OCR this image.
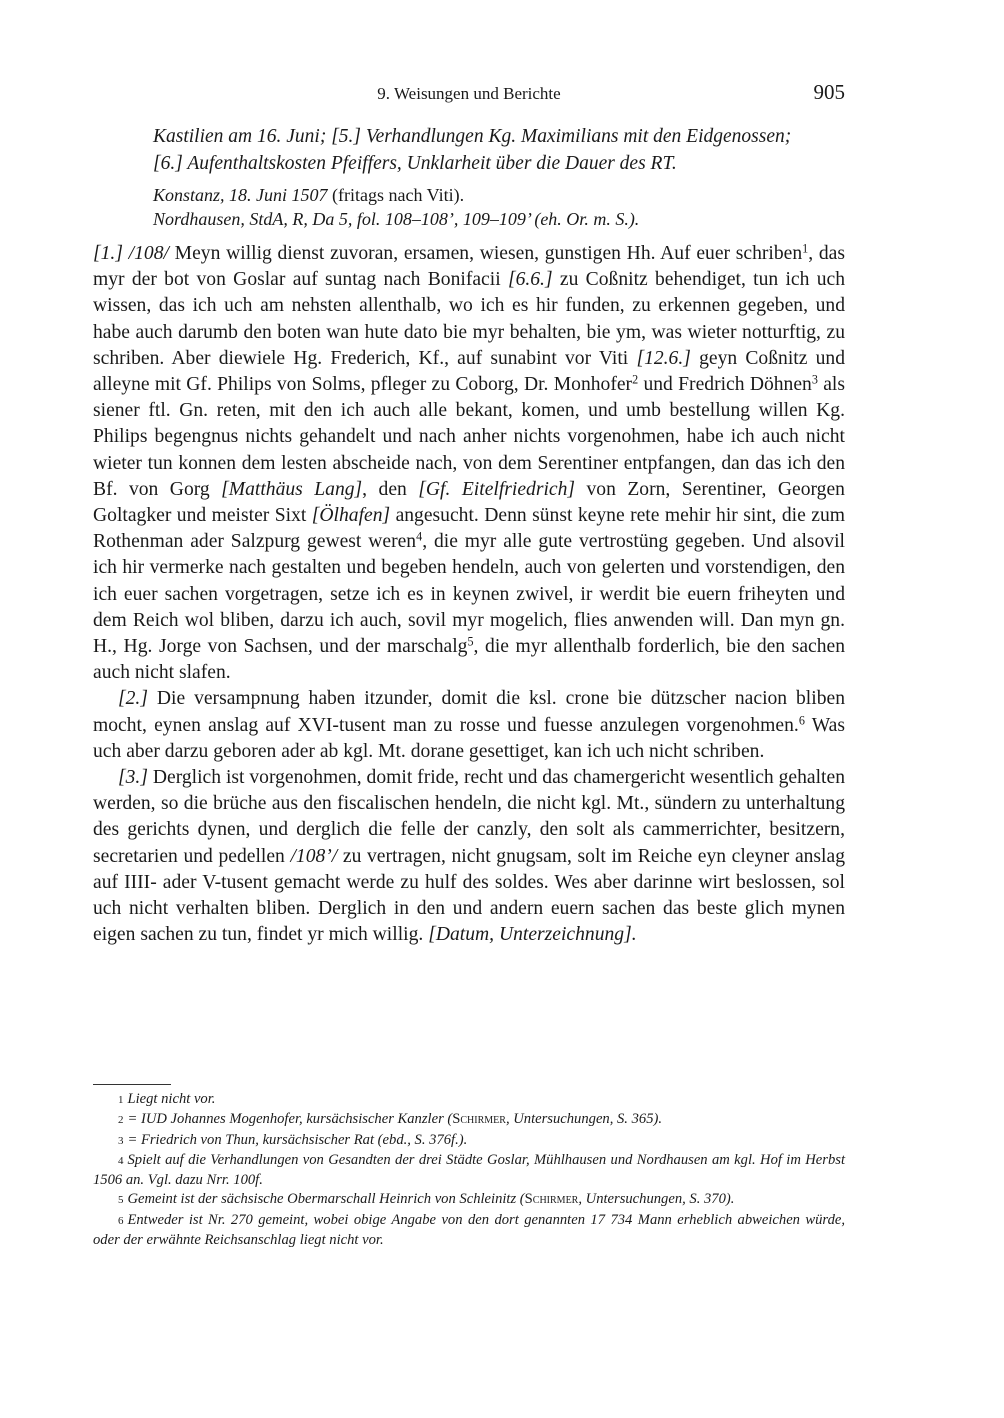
9. Weisungen und Berichte	905
Kastilien am 16. Juni; [5.] Verhandlungen Kg. Maximilians mit den Eidgenossen;
[6.] Aufenthaltskosten Pfeiffers, Unklarheit über die Dauer des RT.
Konstanz, 18. Juni 1507 (fritags nach Viti).
Nordhausen, StdA, R, Da 5, fol. 108–108’, 109–109’ (eh. Or. m. S.).

[1.] /108/ Meyn willig dienst zuvoran, ersamen, wiesen, gunstigen Hh. Auf euer schriben$^1$, das myr der bot von Goslar auf suntag nach Bonifacii [6.6.] zu Coßnitz behendiget, tun ich uch wissen, das ich uch am nehsten allenthalb, wo ich es hir funden, zu erkennen gegeben, und habe auch darumb den boten wan hute dato bie myr behalten, bie ym, was wieter notturftig, zu schriben. Aber diewiele Hg. Frederich, Kf., auf sunabint vor Viti [12.6.] geyn Coßnitz und alleyne mit Gf. Philips von Solms, pfleger zu Coborg, Dr. Monhofer$^2$ und Fredrich Döhnen$^3$ als siener ftl. Gn. reten, mit den ich auch alle bekant, komen, und umb bestellung willen Kg. Philips begengnus nichts gehandelt und nach anher nichts vorgenohmen, habe ich auch nicht wieter tun konnen dem lesten abscheide nach, von dem Serentiner entpfangen, dan das ich den Bf. von Gorg [Matthäus Lang], den [Gf. Eitelfriedrich] von Zorn, Serentiner, Georgen Goltagker und meister Sixt [Ölhafen] angesucht. Denn sünst keyne rete mehir hir sint, die zum Rothenman ader Salzpurg gewest weren$^4$, die myr alle gute vertrostüng gegeben. Und alsovil ich hir vermerke nach gestalten und begeben hendeln, auch von gelerten und vorstendigen, den ich euer sachen vorgetragen, setze ich es in keynen zwivel, ir werdit bie euern friheyten und dem Reich wol bliben, darzu ich auch, sovil myr mogelich, flies anwenden will. Dan myn gn. H., Hg. Jorge von Sachsen, und der marschalg$^5$, die myr allenthalb forderlich, bie den sachen auch nicht slafen.

[2.] Die versampnung haben itzunder, domit die ksl. crone bie dützscher nacion bliben mocht, eynen anslag auf XVI-tusent man zu rosse und fuesse anzulegen vorgenohmen.$^6$ Was uch aber darzu geboren ader ab kgl. Mt. dorane gesettiget, kan ich uch nicht schriben.

[3.] Derglich ist vorgenohmen, domit fride, recht und das chamergericht wesentlich gehalten werden, so die brüche aus den fiscalischen hendeln, die nicht kgl. Mt., sündern zu unterhaltung des gerichts dynen, und derglich die felle der canzly, den solt als cammerrichter, besitzern, secretarien und pedellen /108’/ zu vertragen, nicht gnugsam, solt im Reiche eyn cleyner anslag auf IIII- ader V-tusent gemacht werde zu hulf des soldes. Wes aber darinne wirt beslossen, sol uch nicht verhalten bliben. Derglich in den und andern euern sachen das beste glich mynen eigen sachen zu tun, findet yr mich willig. [Datum, Unterzeichnung].

1 Liegt nicht vor.

2 = IUD Johannes Mogenhofer, kursächsischer Kanzler (Schirmer, Untersuchungen, S. 365).

3 = Friedrich von Thun, kursächsischer Rat (ebd., S. 376f.).

4 Spielt auf die Verhandlungen von Gesandten der drei Städte Goslar, Mühlhausen und Nordhausen am kgl. Hof im Herbst 1506 an. Vgl. dazu Nrr. 100f.

5 Gemeint ist der sächsische Obermarschall Heinrich von Schleinitz (Schirmer, Untersuchungen, S. 370).

6 Entweder ist Nr. 270 gemeint, wobei obige Angabe von den dort genannten 17 734 Mann erheblich abweichen würde, oder der erwähnte Reichsanschlag liegt nicht vor.
